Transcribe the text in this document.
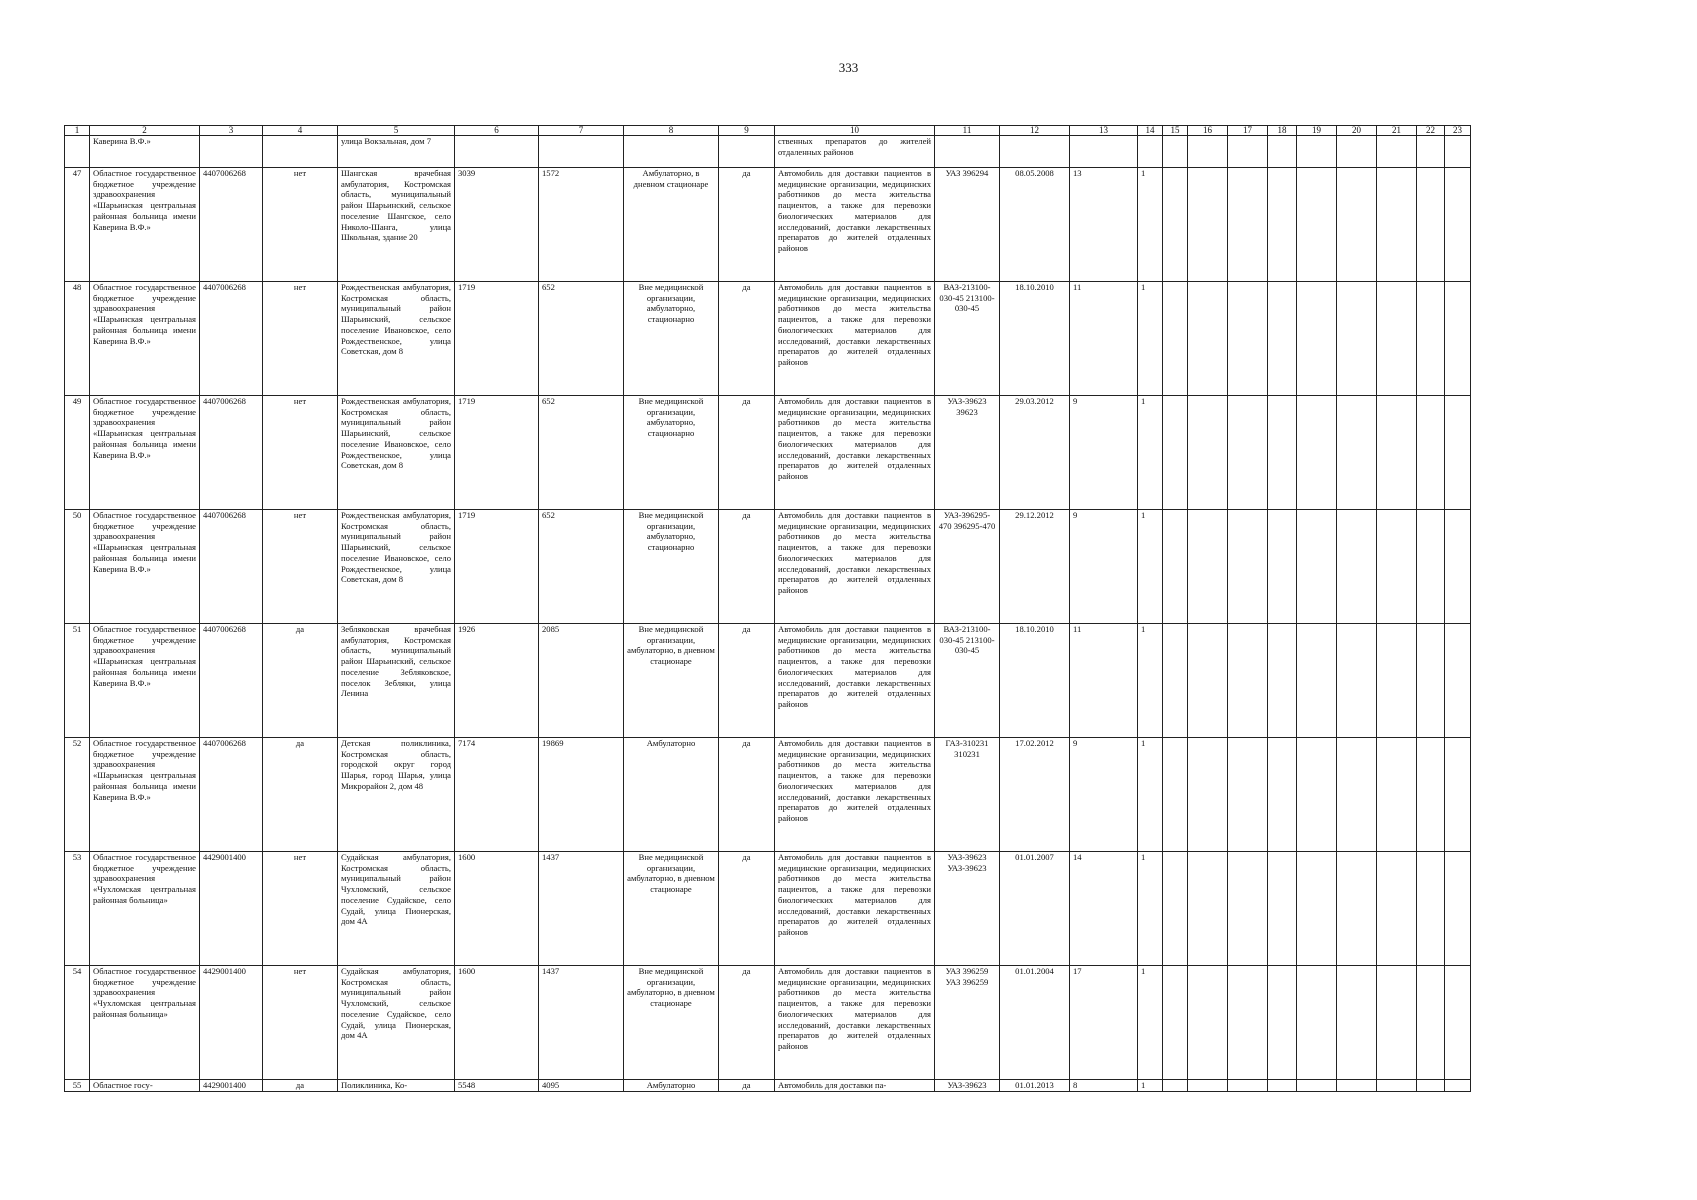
333
1	2	3	4	5	6	7	8	9	10	11	12	13	14	15	16	17	18	19	20	21	22	23
	Каверина В.Ф.»			улица Вокзальная, дом 7					ственных препаратов до жителей отдаленных районов													
47	Областное государственное бюджетное учреждение здравоохранения «Шарьинская центральная районная больница имени Каверина В.Ф.»	4407006268	нет	Шангская врачебная амбулатория, Костромская область, муниципальный район Шарьинский, сельское поселение Шангское, село Николо-Шанга, улица Школьная, здание 20	3039	1572	Амбулаторно, в дневном стационаре	да	Автомобиль для доставки пациентов в медицинские организации, медицинских работников до места жительства пациентов, а также для перевозки биологических материалов для исследований, доставки лекарственных препаратов до жителей отдаленных районов	УАЗ 396294	08.05.2008	13	1									
48	Областное государственное бюджетное учреждение здравоохранения «Шарьинская центральная районная больница имени Каверина В.Ф.»	4407006268	нет	Рождественская амбулатория, Костромская область, муниципальный район Шарьинский, сельское поселение Ивановское, село Рождественское, улица Советская, дом 8	1719	652	Вне медицинской организации, амбулаторно, стационарно	да	Автомобиль для доставки пациентов в медицинские организации, медицинских работников до места жительства пациентов, а также для перевозки биологических материалов для исследований, доставки лекарственных препаратов до жителей отдаленных районов	ВАЗ-213100-030-45 213100-030-45	18.10.2010	11	1									
49	Областное государственное бюджетное учреждение здравоохранения «Шарьинская центральная районная больница имени Каверина В.Ф.»	4407006268	нет	Рождественская амбулатория, Костромская область, муниципальный район Шарьинский, сельское поселение Ивановское, село Рождественское, улица Советская, дом 8	1719	652	Вне медицинской организации, амбулаторно, стационарно	да	Автомобиль для доставки пациентов в медицинские организации, медицинских работников до места жительства пациентов, а также для перевозки биологических материалов для исследований, доставки лекарственных препаратов до жителей отдаленных районов	УАЗ-39623 39623	29.03.2012	9	1									
50	Областное государственное бюджетное учреждение здравоохранения «Шарьинская центральная районная больница имени Каверина В.Ф.»	4407006268	нет	Рождественская амбулатория, Костромская область, муниципальный район Шарьинский, сельское поселение Ивановское, село Рождественское, улица Советская, дом 8	1719	652	Вне медицинской организации, амбулаторно, стационарно	да	Автомобиль для доставки пациентов в медицинские организации, медицинских работников до места жительства пациентов, а также для перевозки биологических материалов для исследований, доставки лекарственных препаратов до жителей отдаленных районов	УАЗ-396295-470 396295-470	29.12.2012	9	1									
51	Областное государственное бюджетное учреждение здравоохранения «Шарьинская центральная районная больница имени Каверина В.Ф.»	4407006268	да	Зебляковская врачебная амбулатория, Костромская область, муниципальный район Шарьинский, сельское поселение Зебляковское, поселок Зебляки, улица Ленина	1926	2085	Вне медицинской организации, амбулаторно, в дневном стационаре	да	Автомобиль для доставки пациентов в медицинские организации, медицинских работников до места жительства пациентов, а также для перевозки биологических материалов для исследований, доставки лекарственных препаратов до жителей отдаленных районов	ВАЗ-213100-030-45 213100-030-45	18.10.2010	11	1									
52	Областное государственное бюджетное учреждение здравоохранения «Шарьинская центральная районная больница имени Каверина В.Ф.»	4407006268	да	Детская поликлиника, Костромская область, городской округ город Шарья, город Шарья, улица Микрорайон 2, дом 48	7174	19869	Амбулаторно	да	Автомобиль для доставки пациентов в медицинские организации, медицинских работников до места жительства пациентов, а также для перевозки биологических материалов для исследований, доставки лекарственных препаратов до жителей отдаленных районов	ГАЗ-310231 310231	17.02.2012	9	1									
53	Областное государственное бюджетное учреждение здравоохранения «Чухломская центральная районная больница»	4429001400	нет	Судайская амбулатория, Костромская область, муниципальный район Чухломский, сельское поселение Судайское, село Судай, улица Пионерская, дом 4А	1600	1437	Вне медицинской организации, амбулаторно, в дневном стационаре	да	Автомобиль для доставки пациентов в медицинские организации, медицинских работников до места жительства пациентов, а также для перевозки биологических материалов для исследований, доставки лекарственных препаратов до жителей отдаленных районов	УАЗ-39623 УАЗ-39623	01.01.2007	14	1									
54	Областное государственное бюджетное учреждение здравоохранения «Чухломская центральная районная больница»	4429001400	нет	Судайская амбулатория, Костромская область, муниципальный район Чухломский, сельское поселение Судайское, село Судай, улица Пионерская, дом 4А	1600	1437	Вне медицинской организации, амбулаторно, в дневном стационаре	да	Автомобиль для доставки пациентов в медицинские организации, медицинских работников до места жительства пациентов, а также для перевозки биологических материалов для исследований, доставки лекарственных препаратов до жителей отдаленных районов	УАЗ 396259 УАЗ 396259	01.01.2004	17	1									
55	Областное госу-	4429001400	да	Поликлиника, Ко-	5548	4095	Амбулаторно	да	Автомобиль для доставки па-	УАЗ-39623	01.01.2013	8	1									
